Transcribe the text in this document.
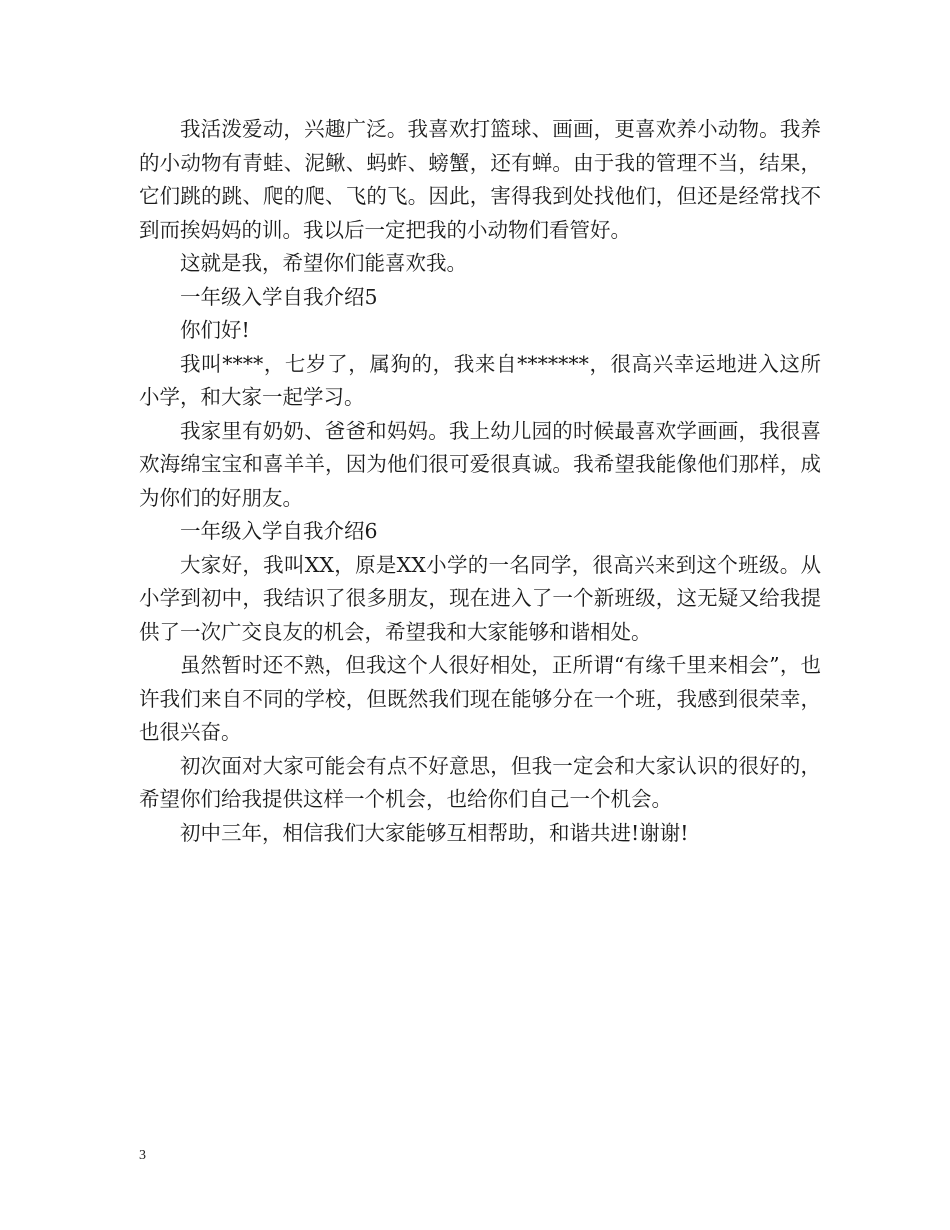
我活泼爱动，兴趣广泛。我喜欢打篮球、画画，更喜欢养小动物。我养的小动物有青蛙、泥鳅、蚂蚱、螃蟹，还有蝉。由于我的管理不当，结果，它们跳的跳、爬的爬、飞的飞。因此，害得我到处找他们，但还是经常找不到而挨妈妈的训。我以后一定把我的小动物们看管好。

这就是我，希望你们能喜欢我。

一年级入学自我介绍5

你们好!

我叫****，七岁了，属狗的，我来自*******，很高兴幸运地进入这所小学，和大家一起学习。

我家里有奶奶、爸爸和妈妈。我上幼儿园的时候最喜欢学画画，我很喜欢海绵宝宝和喜羊羊，因为他们很可爱很真诚。我希望我能像他们那样，成为你们的好朋友。

一年级入学自我介绍6

大家好，我叫XX，原是XX小学的一名同学，很高兴来到这个班级。从小学到初中，我结识了很多朋友，现在进入了一个新班级，这无疑又给我提供了一次广交良友的机会，希望我和大家能够和谐相处。

虽然暂时还不熟，但我这个人很好相处，正所谓“有缘千里来相会”，也许我们来自不同的学校，但既然我们现在能够分在一个班，我感到很荣幸，也很兴奋。

初次面对大家可能会有点不好意思，但我一定会和大家认识的很好的，希望你们给我提供这样一个机会，也给你们自己一个机会。

初中三年，相信我们大家能够互相帮助，和谐共进!谢谢!

3
